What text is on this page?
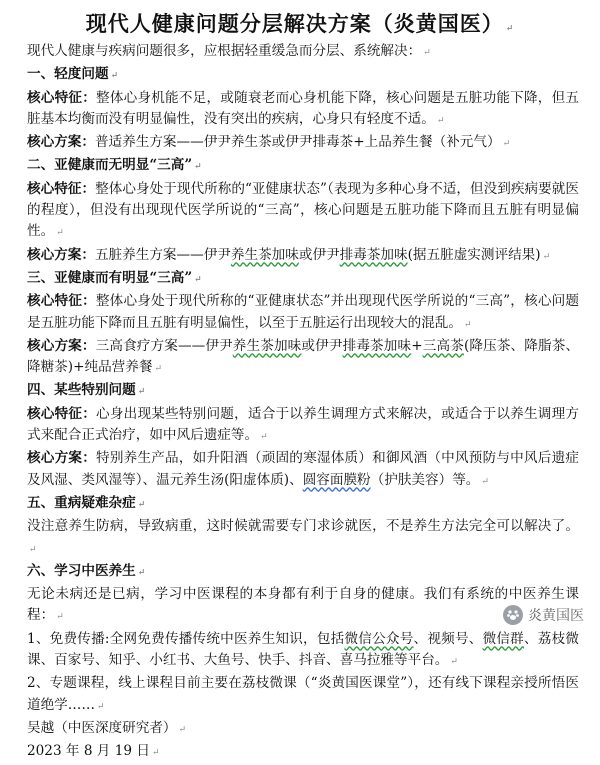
现代人健康问题分层解决方案（炎黄国医） ↵

现代人健康与疾病问题很多，应根据轻重缓急而分层、系统解决： ↵

一、轻度问题 ↵

核心特征：整体心身机能不足，或随衰老而心身机能下降，核心问题是五脏功能下降，但五脏基本均衡而没有明显偏性，没有突出的疾病，心身只有轻度不适。 ↵

核心方案：普适养生方案——伊尹养生茶或伊尹排毒茶+上品养生餐（补元气） ↵

二、亚健康而无明显“三高” ↵

核心特征：整体心身处于现代所称的“亚健康状态”（表现为多种心身不适，但没到疾病要就医的程度），但没有出现现代医学所说的“三高”，核心问题是五脏功能下降而且五脏有明显偏性。 ↵

核心方案：五脏养生方案——伊尹养生茶加味或伊尹排毒茶加味(据五脏虚实测评结果) ↵

三、亚健康而有明显“三高” ↵

核心特征：整体心身处于现代所称的“亚健康状态”并出现现代医学所说的“三高”，核心问题是五脏功能下降而且五脏有明显偏性，以至于五脏运行出现较大的混乱。 ↵

核心方案：三高食疗方案——伊尹养生茶加味或伊尹排毒茶加味+三高茶(降压茶、降脂茶、降糖茶)+纯品营养餐 ↵

四、某些特别问题 ↵

核心特征：心身出现某些特别问题，适合于以养生调理方式来解决，或适合于以养生调理方式来配合正式治疗，如中风后遗症等。 ↵

核心方案：特别养生产品，如升阳酒（顽固的寒湿体质）和御风酒（中风预防与中风后遗症及风湿、类风湿等）、温元养生汤(阳虚体质)、圆容面膜粉（护肤美容）等。 ↵

五、重病疑难杂症 ↵

没注意养生防病，导致病重，这时候就需要专门求诊就医，不是养生方法完全可以解决了。↵

六、学习中医养生 ↵

无论未病还是已病，学习中医课程的本身都有利于自身的健康。我们有系统的中医养生课程： ↵

1、免费传播:全网免费传播传统中医养生知识，包括微信公众号、视频号、微信群、荔枝微课、百家号、知乎、小红书、大鱼号、快手、抖音、喜马拉雅等平台。 ↵

2、专题课程，线上课程目前主要在荔枝微课（“炎黄国医课堂”），还有线下课程亲授所悟医道绝学…… ↵

吴越（中医深度研究者） ↵

2023 年 8 月 19 日 ↵

炎黄国医
